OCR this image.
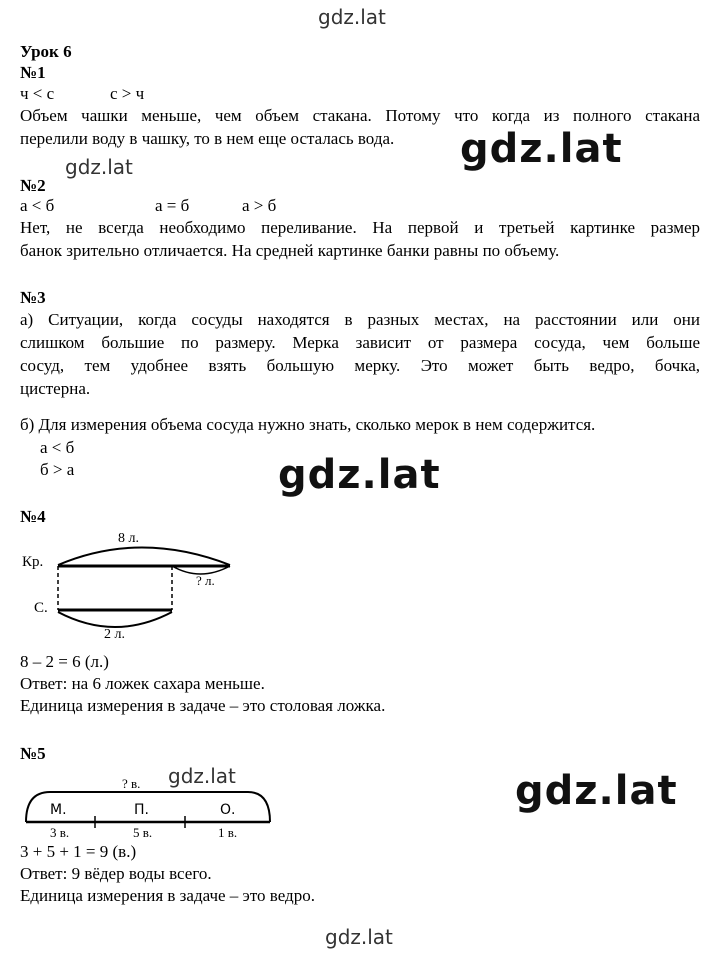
gdz.lat
gdz.lat	gdz.lat
gdz.lat
gdz.lat	gdz.lat
gdz.lat
Урок 6
№1
ч < с	с > ч
Объем чашки меньше, чем объем стакана. Потому что когда из полного стакана
перелили воду в чашку, то в нем еще осталась вода.
№2
а < б	а = б	а > б
Нет, не всегда необходимо переливание. На первой и третьей картинке размер
банок зрительно отличается. На средней картинке банки равны по объему.
№3
а) Ситуации, когда сосуды находятся в разных местах, на расстоянии или они
слишком большие по размеру. Мерка зависит от размера сосуда, чем больше
сосуд, тем удобнее взять большую мерку. Это может быть ведро, бочка,
цистерна.
б) Для измерения объема сосуда нужно знать, сколько мерок в нем содержится.
а < б
б > а
№4
8 л.
Кр.
? л.
С.
2 л.
8 – 2 = 6 (л.)
Ответ: на 6 ложек сахара меньше.
Единица измерения в задаче – это столовая ложка.
№5
? в.
М.	П.	О.
3 в.	5 в.	1 в.
3 + 5 + 1 = 9 (в.)
Ответ: 9 вёдер воды всего.
Единица измерения в задаче – это ведро.
